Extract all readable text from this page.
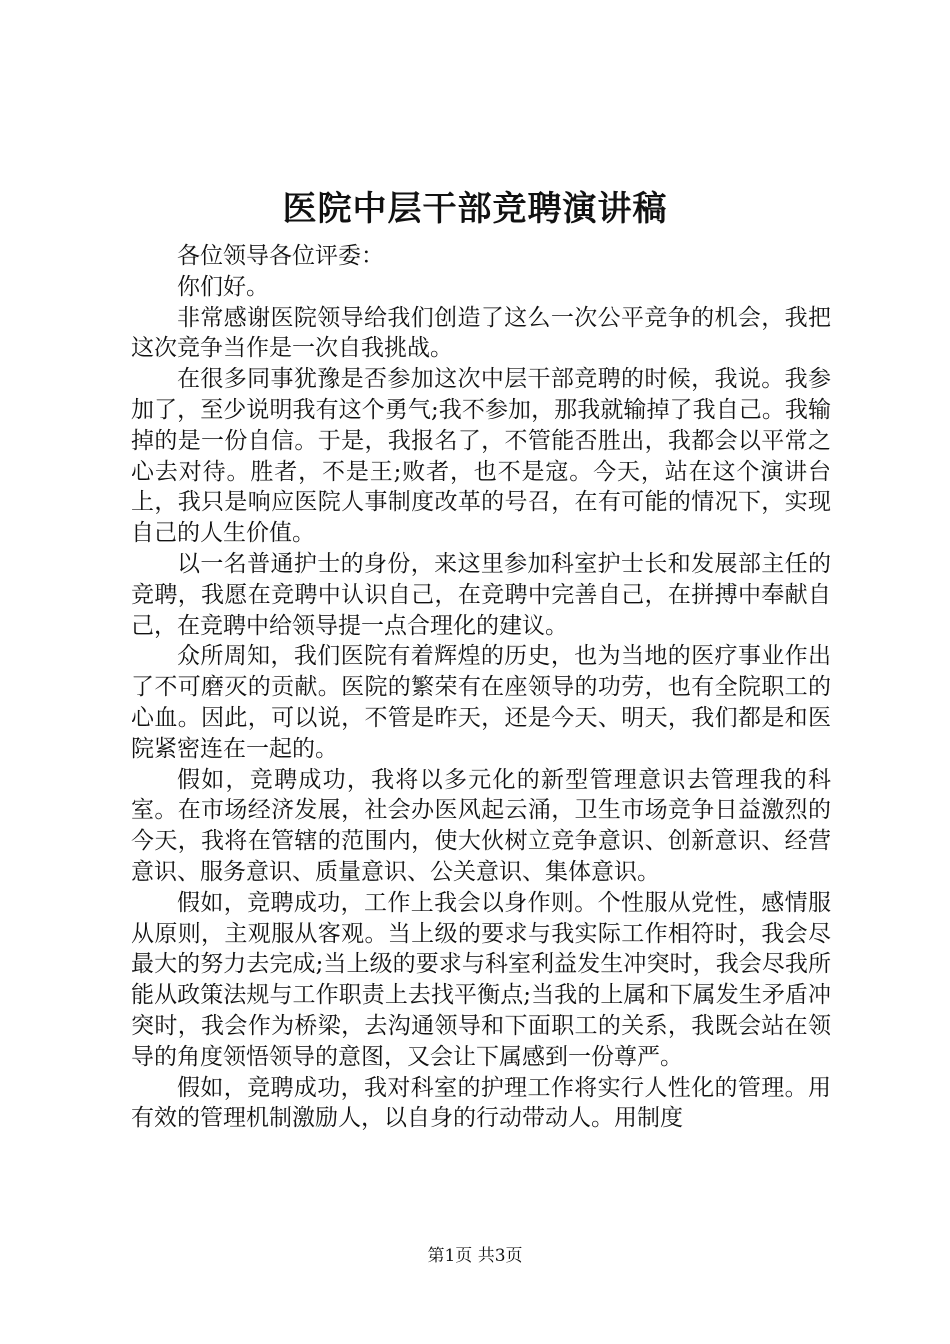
医院中层干部竞聘演讲稿

各位领导各位评委：

你们好。

非常感谢医院领导给我们创造了这么一次公平竞争的机会，我把这次竞争当作是一次自我挑战。

在很多同事犹豫是否参加这次中层干部竞聘的时候，我说。我参加了，至少说明我有这个勇气;我不参加，那我就输掉了我自己。我输掉的是一份自信。于是，我报名了，不管能否胜出，我都会以平常之心去对待。胜者，不是王;败者，也不是寇。今天，站在这个演讲台上，我只是响应医院人事制度改革的号召，在有可能的情况下，实现自己的人生价值。

以一名普通护士的身份，来这里参加科室护士长和发展部主任的竞聘，我愿在竞聘中认识自己，在竞聘中完善自己，在拼搏中奉献自己，在竞聘中给领导提一点合理化的建议。

众所周知，我们医院有着辉煌的历史，也为当地的医疗事业作出了不可磨灭的贡献。医院的繁荣有在座领导的功劳，也有全院职工的心血。因此，可以说，不管是昨天，还是今天、明天，我们都是和医院紧密连在一起的。

假如，竞聘成功，我将以多元化的新型管理意识去管理我的科室。在市场经济发展，社会办医风起云涌，卫生市场竞争日益激烈的今天，我将在管辖的范围内，使大伙树立竞争意识、创新意识、经营意识、服务意识、质量意识、公关意识、集体意识。

假如，竞聘成功，工作上我会以身作则。个性服从党性，感情服从原则，主观服从客观。当上级的要求与我实际工作相符时，我会尽最大的努力去完成;当上级的要求与科室利益发生冲突时，我会尽我所能从政策法规与工作职责上去找平衡点;当我的上属和下属发生矛盾冲突时，我会作为桥梁，去沟通领导和下面职工的关系，我既会站在领导的角度领悟领导的意图，又会让下属感到一份尊严。

假如，竞聘成功，我对科室的护理工作将实行人性化的管理。用有效的管理机制激励人，以自身的行动带动人。用制度

第1页 共3页
